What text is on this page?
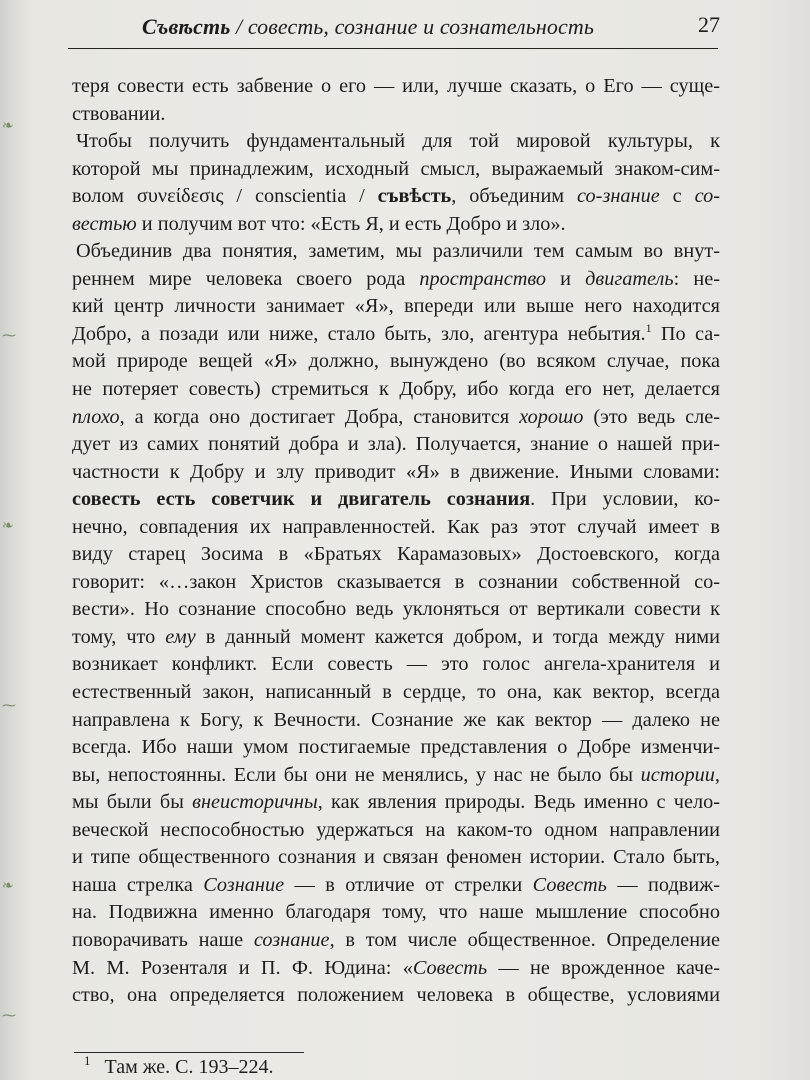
❧
⁓
❧
⁓
❧
⁓
Съвѣсть / совесть, сознание и сознательность	27
теря совести есть забвение о его — или, лучше сказать, о Его — суще-
ствовании.
Чтобы получить фундаментальный для той мировой культуры, к
которой мы принадлежим, исходный смысл, выражаемый знаком-сим-
волом συνείδεσις / conscientia / съвѣсть, объединим со-знание с со-
вестью и получим вот что: «Есть Я, и есть Добро и зло».
Объединив два понятия, заметим, мы различили тем самым во внут-
реннем мире человека своего рода пространство и двигатель: не-
кий центр личности занимает «Я», впереди или выше него находится
Добро, а позади или ниже, стало быть, зло, агентура небытия.$^1$ По са-
мой природе вещей «Я» должно, вынуждено (во всяком случае, пока
не потеряет совесть) стремиться к Добру, ибо когда его нет, делается
плохо, а когда оно достигает Добра, становится хорошо (это ведь сле-
дует из самих понятий добра и зла). Получается, знание о нашей при-
частности к Добру и злу приводит «Я» в движение. Иными словами:
совесть есть советчик и двигатель сознания. При условии, ко-
нечно, совпадения их направленностей. Как раз этот случай имеет в
виду старец Зосима в «Братьях Карамазовых» Достоевского, когда
говорит: «…закон Христов сказывается в сознании собственной со-
вести». Но сознание способно ведь уклоняться от вертикали совести к
тому, что ему в данный момент кажется добром, и тогда между ними
возникает конфликт. Если совесть — это голос ангела-хранителя и
естественный закон, написанный в сердце, то она, как вектор, всегда
направлена к Богу, к Вечности. Сознание же как вектор — далеко не
всегда. Ибо наши умом постигаемые представления о Добре изменчи-
вы, непостоянны. Если бы они не менялись, у нас не было бы истории,
мы были бы внеисторичны, как явления природы. Ведь именно с чело-
веческой неспособностью удержаться на каком-то одном направлении
и типе общественного сознания и связан феномен истории. Стало быть,
наша стрелка Сознание — в отличие от стрелки Совесть — подвиж-
на. Подвижна именно благодаря тому, что наше мышление способно
поворачивать наше сознание, в том числе общественное. Определение
М. М. Розенталя и П. Ф. Юдина: «Совесть — не врожденное каче-
ство, она определяется положением человека в обществе, условиями
$^1$ Там же. С. 193–224.
